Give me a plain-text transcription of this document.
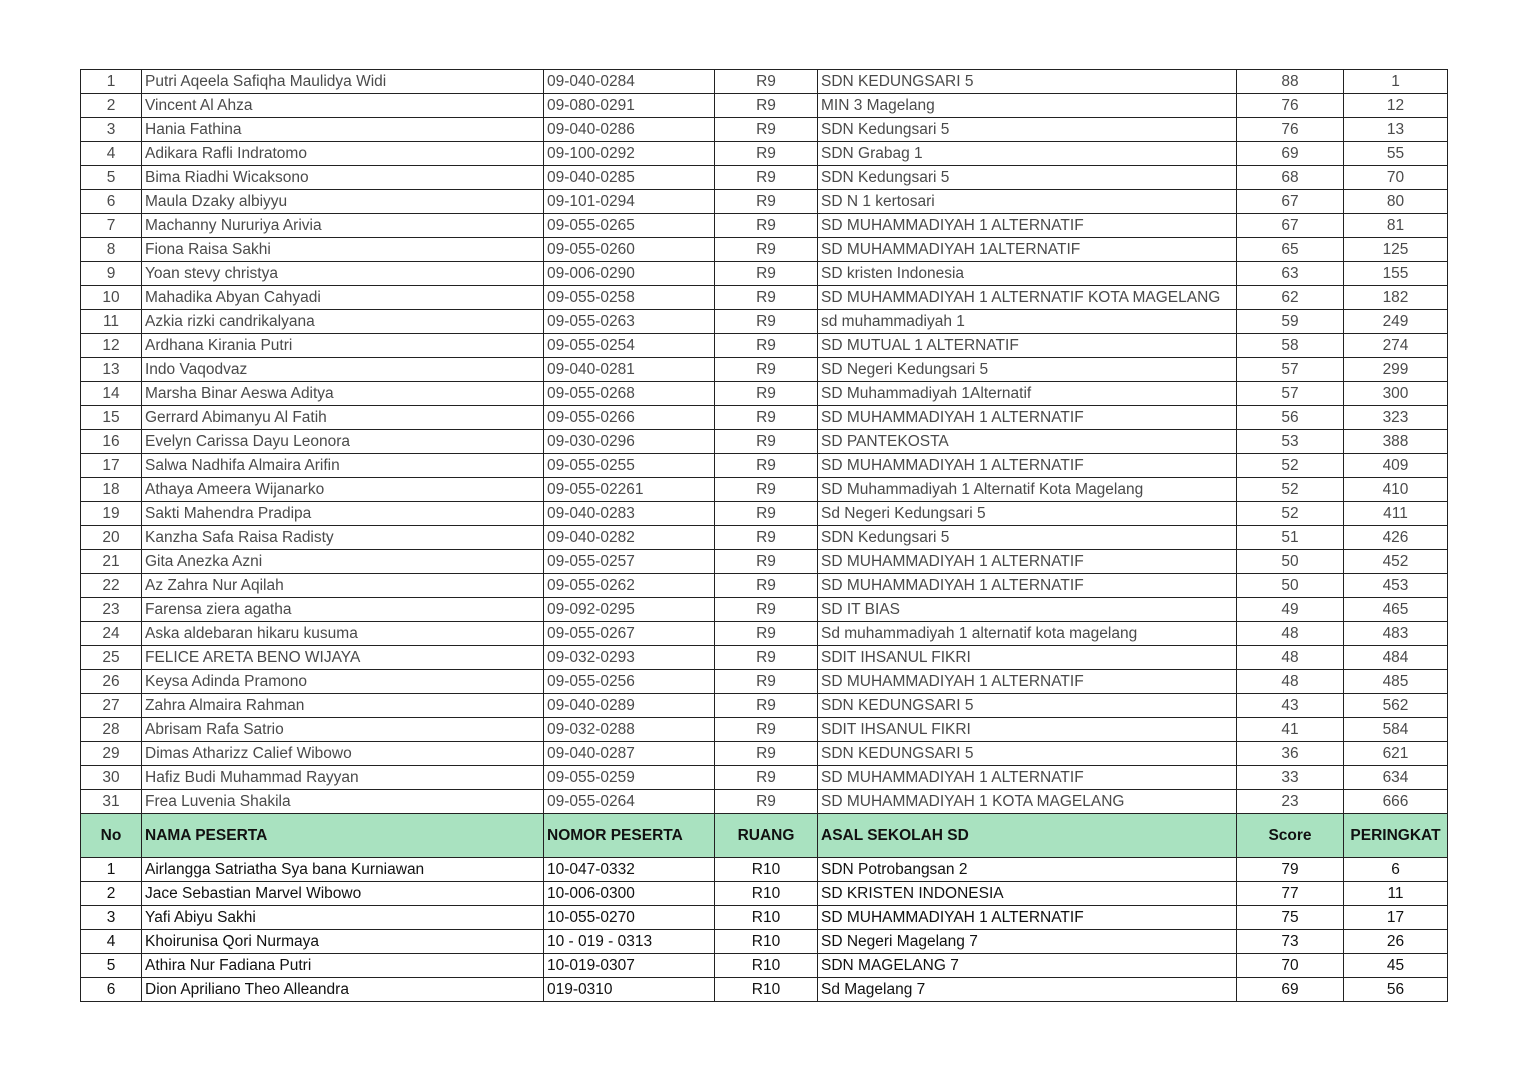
1	Putri Aqeela Safiqha Maulidya Widi	09-040-0284	R9	SDN KEDUNGSARI 5	88	1
2	Vincent Al Ahza	09-080-0291	R9	MIN 3 Magelang	76	12
3	Hania Fathina	09-040-0286	R9	SDN Kedungsari 5	76	13
4	Adikara Rafli Indratomo	09-100-0292	R9	SDN Grabag 1	69	55
5	Bima Riadhi Wicaksono	09-040-0285	R9	SDN Kedungsari 5	68	70
6	Maula Dzaky albiyyu	09-101-0294	R9	SD N 1 kertosari	67	80
7	Machanny Nururiya Arivia	09-055-0265	R9	SD MUHAMMADIYAH 1 ALTERNATIF	67	81
8	Fiona Raisa Sakhi	09-055-0260	R9	SD MUHAMMADIYAH 1ALTERNATIF	65	125
9	Yoan stevy christya	09-006-0290	R9	SD kristen Indonesia	63	155
10	Mahadika Abyan Cahyadi	09-055-0258	R9	SD MUHAMMADIYAH 1 ALTERNATIF KOTA MAGELANG	62	182
11	Azkia rizki candrikalyana	09-055-0263	R9	sd muhammadiyah 1	59	249
12	Ardhana Kirania Putri	09-055-0254	R9	SD MUTUAL 1 ALTERNATIF	58	274
13	Indo Vaqodvaz	09-040-0281	R9	SD Negeri Kedungsari 5	57	299
14	Marsha Binar Aeswa Aditya	09-055-0268	R9	SD Muhammadiyah 1Alternatif	57	300
15	Gerrard Abimanyu Al Fatih	09-055-0266	R9	SD MUHAMMADIYAH 1 ALTERNATIF	56	323
16	Evelyn Carissa Dayu Leonora	09-030-0296	R9	SD PANTEKOSTA	53	388
17	Salwa Nadhifa Almaira Arifin	09-055-0255	R9	SD MUHAMMADIYAH 1 ALTERNATIF	52	409
18	Athaya Ameera Wijanarko	09-055-02261	R9	SD Muhammadiyah 1 Alternatif Kota Magelang	52	410
19	Sakti Mahendra Pradipa	09-040-0283	R9	Sd Negeri Kedungsari 5	52	411
20	Kanzha Safa Raisa Radisty	09-040-0282	R9	SDN Kedungsari 5	51	426
21	Gita Anezka Azni	09-055-0257	R9	SD MUHAMMADIYAH 1 ALTERNATIF	50	452
22	Az Zahra Nur Aqilah	09-055-0262	R9	SD MUHAMMADIYAH 1 ALTERNATIF	50	453
23	Farensa ziera agatha	09-092-0295	R9	SD IT BIAS	49	465
24	Aska aldebaran hikaru kusuma	09-055-0267	R9	Sd muhammadiyah 1 alternatif kota magelang	48	483
25	FELICE ARETA BENO WIJAYA	09-032-0293	R9	SDIT IHSANUL FIKRI	48	484
26	Keysa Adinda Pramono	09-055-0256	R9	SD MUHAMMADIYAH 1 ALTERNATIF	48	485
27	Zahra Almaira Rahman	09-040-0289	R9	SDN KEDUNGSARI 5	43	562
28	Abrisam Rafa Satrio	09-032-0288	R9	SDIT IHSANUL FIKRI	41	584
29	Dimas Atharizz Calief Wibowo	09-040-0287	R9	SDN KEDUNGSARI 5	36	621
30	Hafiz Budi Muhammad Rayyan	09-055-0259	R9	SD MUHAMMADIYAH 1 ALTERNATIF	33	634
31	Frea Luvenia Shakila	09-055-0264	R9	SD MUHAMMADIYAH 1 KOTA MAGELANG	23	666
No	NAMA PESERTA	NOMOR PESERTA	RUANG	ASAL SEKOLAH SD	Score	PERINGKAT
1	Airlangga Satriatha Sya bana Kurniawan	10-047-0332	R10	SDN Potrobangsan 2	79	6
2	Jace Sebastian Marvel Wibowo	10-006-0300	R10	SD KRISTEN INDONESIA	77	11
3	Yafi Abiyu Sakhi	10-055-0270	R10	SD MUHAMMADIYAH 1 ALTERNATIF	75	17
4	Khoirunisa Qori Nurmaya	10 - 019 - 0313	R10	SD Negeri Magelang 7	73	26
5	Athira Nur Fadiana Putri	10-019-0307	R10	SDN MAGELANG 7	70	45
6	Dion Apriliano Theo Alleandra	019-0310	R10	Sd Magelang 7	69	56
